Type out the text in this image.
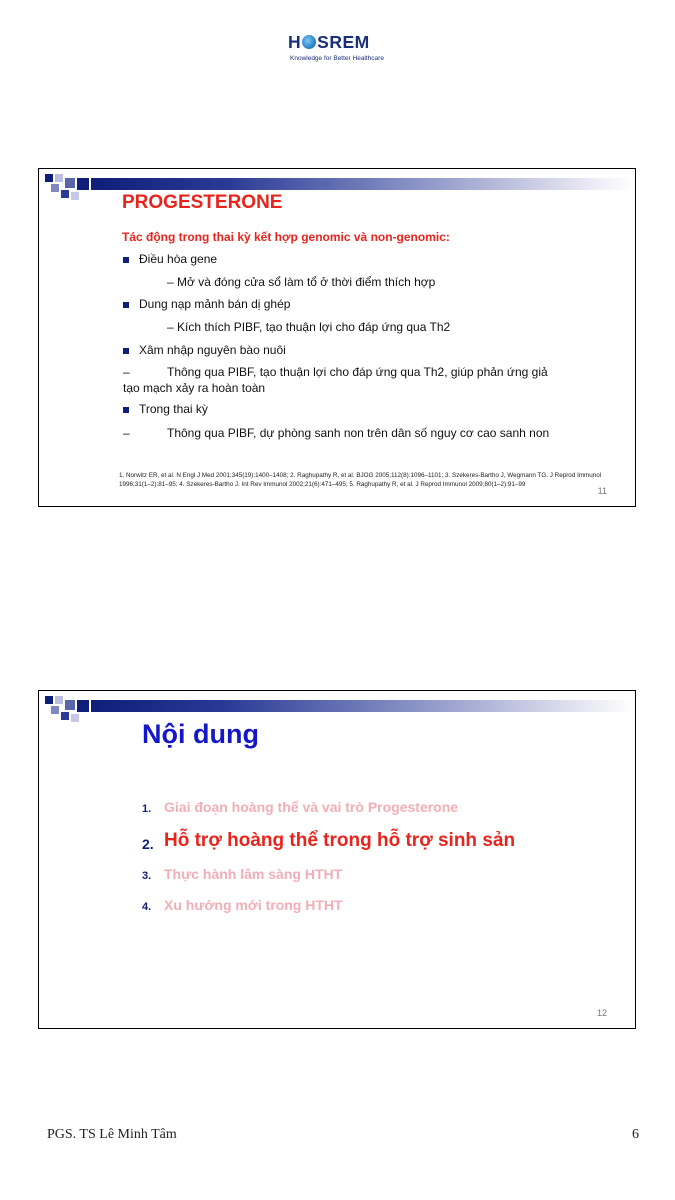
H SREM
Knowledge for Better Healthcare
PROGESTERONE
Tác động trong thai kỳ kết hợp genomic và non-genomic:
Điều hòa gene
– Mở và đóng cửa sổ làm tổ ở thời điểm thích hợp
Dung nạp mảnh bán dị ghép
– Kích thích PIBF, tạo thuận lợi cho đáp ứng qua Th2
Xâm nhập nguyên bào nuôi
–	Thông qua PIBF, tạo thuận lợi cho đáp ứng qua Th2, giúp phản ứng giả
tạo mạch xảy ra hoàn toàn
Trong thai kỳ
–	Thông qua PIBF, dự phòng sanh non trên dân số nguy cơ cao sanh non
1. Norwitz ER, et al. N Engl J Med 2001;345(19):1400–1408; 2. Raghupathy R, et al. BJOG 2005;112(8):1096–1101; 3. Szekeres-Bartho J, Wegmann TG. J Reprod Immunol 1996;31(1–2):81–95; 4. Szekeres-Bartho J. Int Rev Immunol 2002;21(6):471–495; 5. Raghupathy R, et al. J Reprod Immunol 2009;80(1–2):91–99
11
Nội dung
1. Giai đoạn hoàng thể và vai trò Progesterone
2. Hỗ trợ hoàng thể trong hỗ trợ sinh sản
3. Thực hành lâm sàng HTHT
4. Xu hướng mới trong HTHT
12
PGS. TS Lê Minh Tâm	6
